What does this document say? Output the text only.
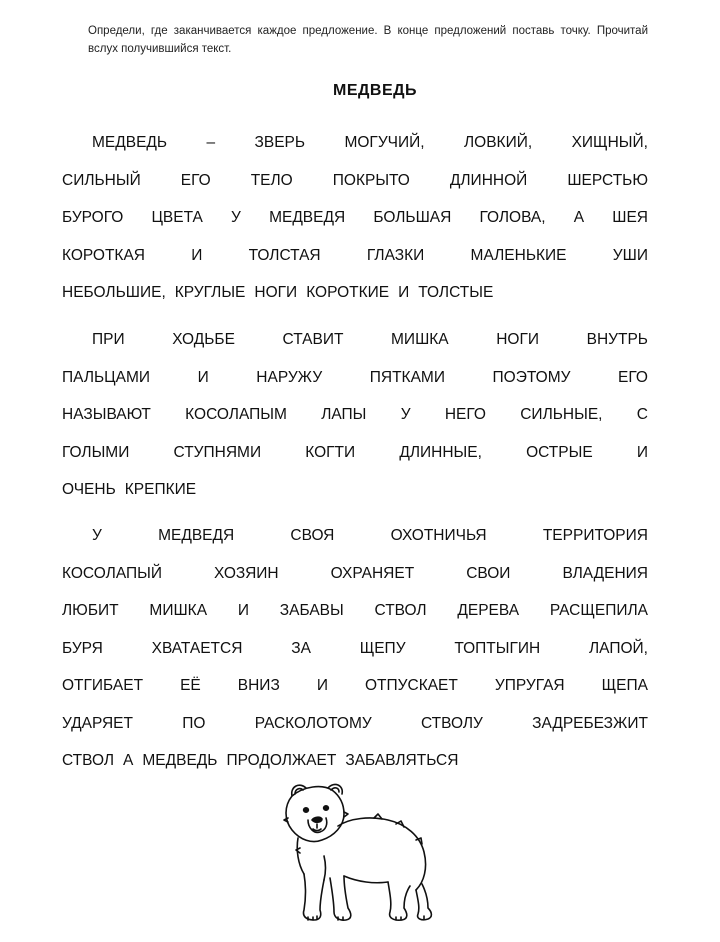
Определи, где заканчивается каждое предложение. В конце предложений поставь точку. Прочитай вслух получившийся текст.
МЕДВЕДЬ
МЕДВЕДЬ	–	ЗВЕРЬ	МОГУЧИЙ,	ЛОВКИЙ,	ХИЩНЫЙ,
СИЛЬНЫЙ	ЕГО	ТЕЛО	ПОКРЫТО	ДЛИННОЙ	ШЕРСТЬЮ
БУРОГО ЦВЕТА У МЕДВЕДЯ БОЛЬШАЯ ГОЛОВА, А ШЕЯ
КОРОТКАЯ	И	ТОЛСТАЯ	ГЛАЗКИ	МАЛЕНЬКИЕ	УШИ
НЕБОЛЬШИЕ, КРУГЛЫЕ НОГИ КОРОТКИЕ И ТОЛСТЫЕ
ПРИ	ХОДЬБЕ	СТАВИТ	МИШКА	НОГИ	ВНУТРЬ
ПАЛЬЦАМИ	И	НАРУЖУ	ПЯТКАМИ	ПОЭТОМУ	ЕГО
НАЗЫВАЮТ КОСОЛАПЫМ ЛАПЫ У НЕГО СИЛЬНЫЕ, С
ГОЛЫМИ	СТУПНЯМИ	КОГТИ	ДЛИННЫЕ,	ОСТРЫЕ	И
ОЧЕНЬ КРЕПКИЕ
У	МЕДВЕДЯ	СВОЯ	ОХОТНИЧЬЯ	ТЕРРИТОРИЯ
КОСОЛАПЫЙ	ХОЗЯИН	ОХРАНЯЕТ	СВОИ	ВЛАДЕНИЯ
ЛЮБИТ МИШКА И ЗАБАВЫ СТВОЛ ДЕРЕВА РАСЩЕПИЛА
БУРЯ	ХВАТАЕТСЯ	ЗА	ЩЕПУ	ТОПТЫГИН	ЛАПОЙ,
ОТГИБАЕТ ЕЁ ВНИЗ И ОТПУСКАЕТ УПРУГАЯ ЩЕПА
УДАРЯЕТ	ПО	РАСКОЛОТОМУ	СТВОЛУ	ЗАДРЕБЕЗЖИТ
СТВОЛ А МЕДВЕДЬ ПРОДОЛЖАЕТ ЗАБАВЛЯТЬСЯ
